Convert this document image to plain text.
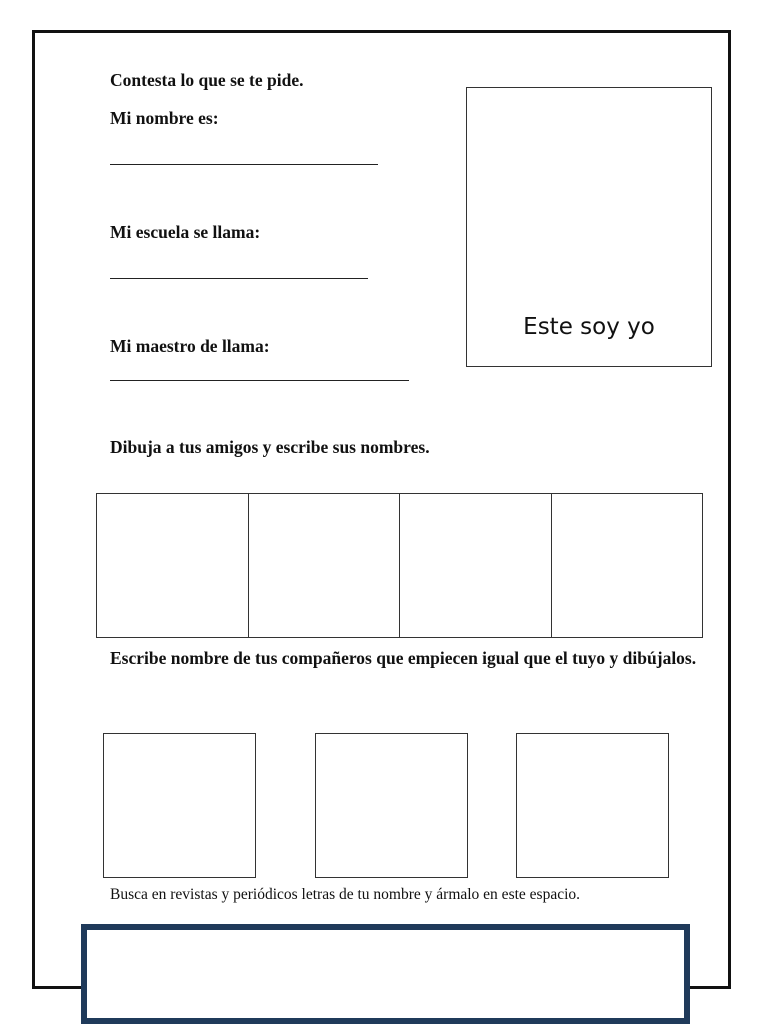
Contesta lo que se te pide.
Mi nombre es:
Mi escuela se llama:
Mi maestro de llama:
Este soy yo
Dibuja a tus amigos y escribe sus nombres.
Escribe nombre de tus compañeros que empiecen igual que el tuyo y dibújalos.
Busca en revistas y periódicos letras de tu nombre y ármalo en este espacio.
